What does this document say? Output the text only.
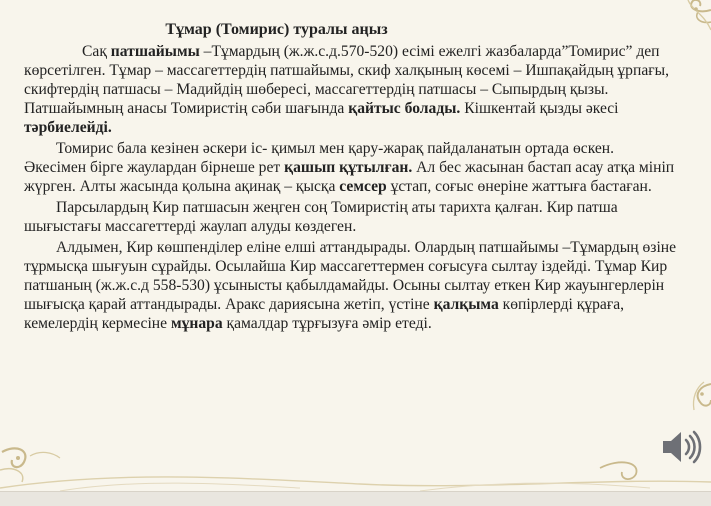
Тұмар (Томирис) туралы аңыз

Сақ патшайымы –Тұмардың (ж.ж.с.д.570-520) есімі ежелгі жазбаларда”Томирис” деп көрсетілген. Тұмар – массагеттердің патшайымы, скиф халқының көсемі – Ишпақайдың ұрпағы, скифтердің патшасы – Мадийдің шөбересі, массагеттердің патшасы – Сыпырдың қызы. Патшайымның анасы Томиристің сәби шағында қайтыс болады. Кішкентай қызды әкесі тәрбиелейді.

Томирис бала кезінен әскери іс- қимыл мен қару-жарақ пайдаланатын ортада өскен. Әкесімен бірге жаулардан бірнеше рет қашып құтылған. Ал бес жасынан бастап асау атқа мініп жүрген. Алты жасында қолына ақинақ – қысқа семсер ұстап, соғыс өнеріне жаттыға бастаған.

Парсылардың Кир патшасын жеңген соң Томиристің аты тарихта қалған. Кир патша шығыстағы массагеттерді жаулап алуды көздеген.

Алдымен, Кир көшпенділер еліне елші аттандырады. Олардың патшайымы –Тұмардың өзіне тұрмысқа шығуын сұрайды. Осылайша Кир массагеттермен соғысуға сылтау іздейді. Тұмар Кир патшаның (ж.ж.с.д 558-530) ұсынысты қабылдамайды. Осыны сылтау еткен Кир жауынгерлерін шығысқа қарай аттандырады. Аракс дариясына жетіп, үстіне қалқыма көпірлерді құрағa, кемелердің кермесіне мұнара қамалдар тұрғызуға әмір етеді.
